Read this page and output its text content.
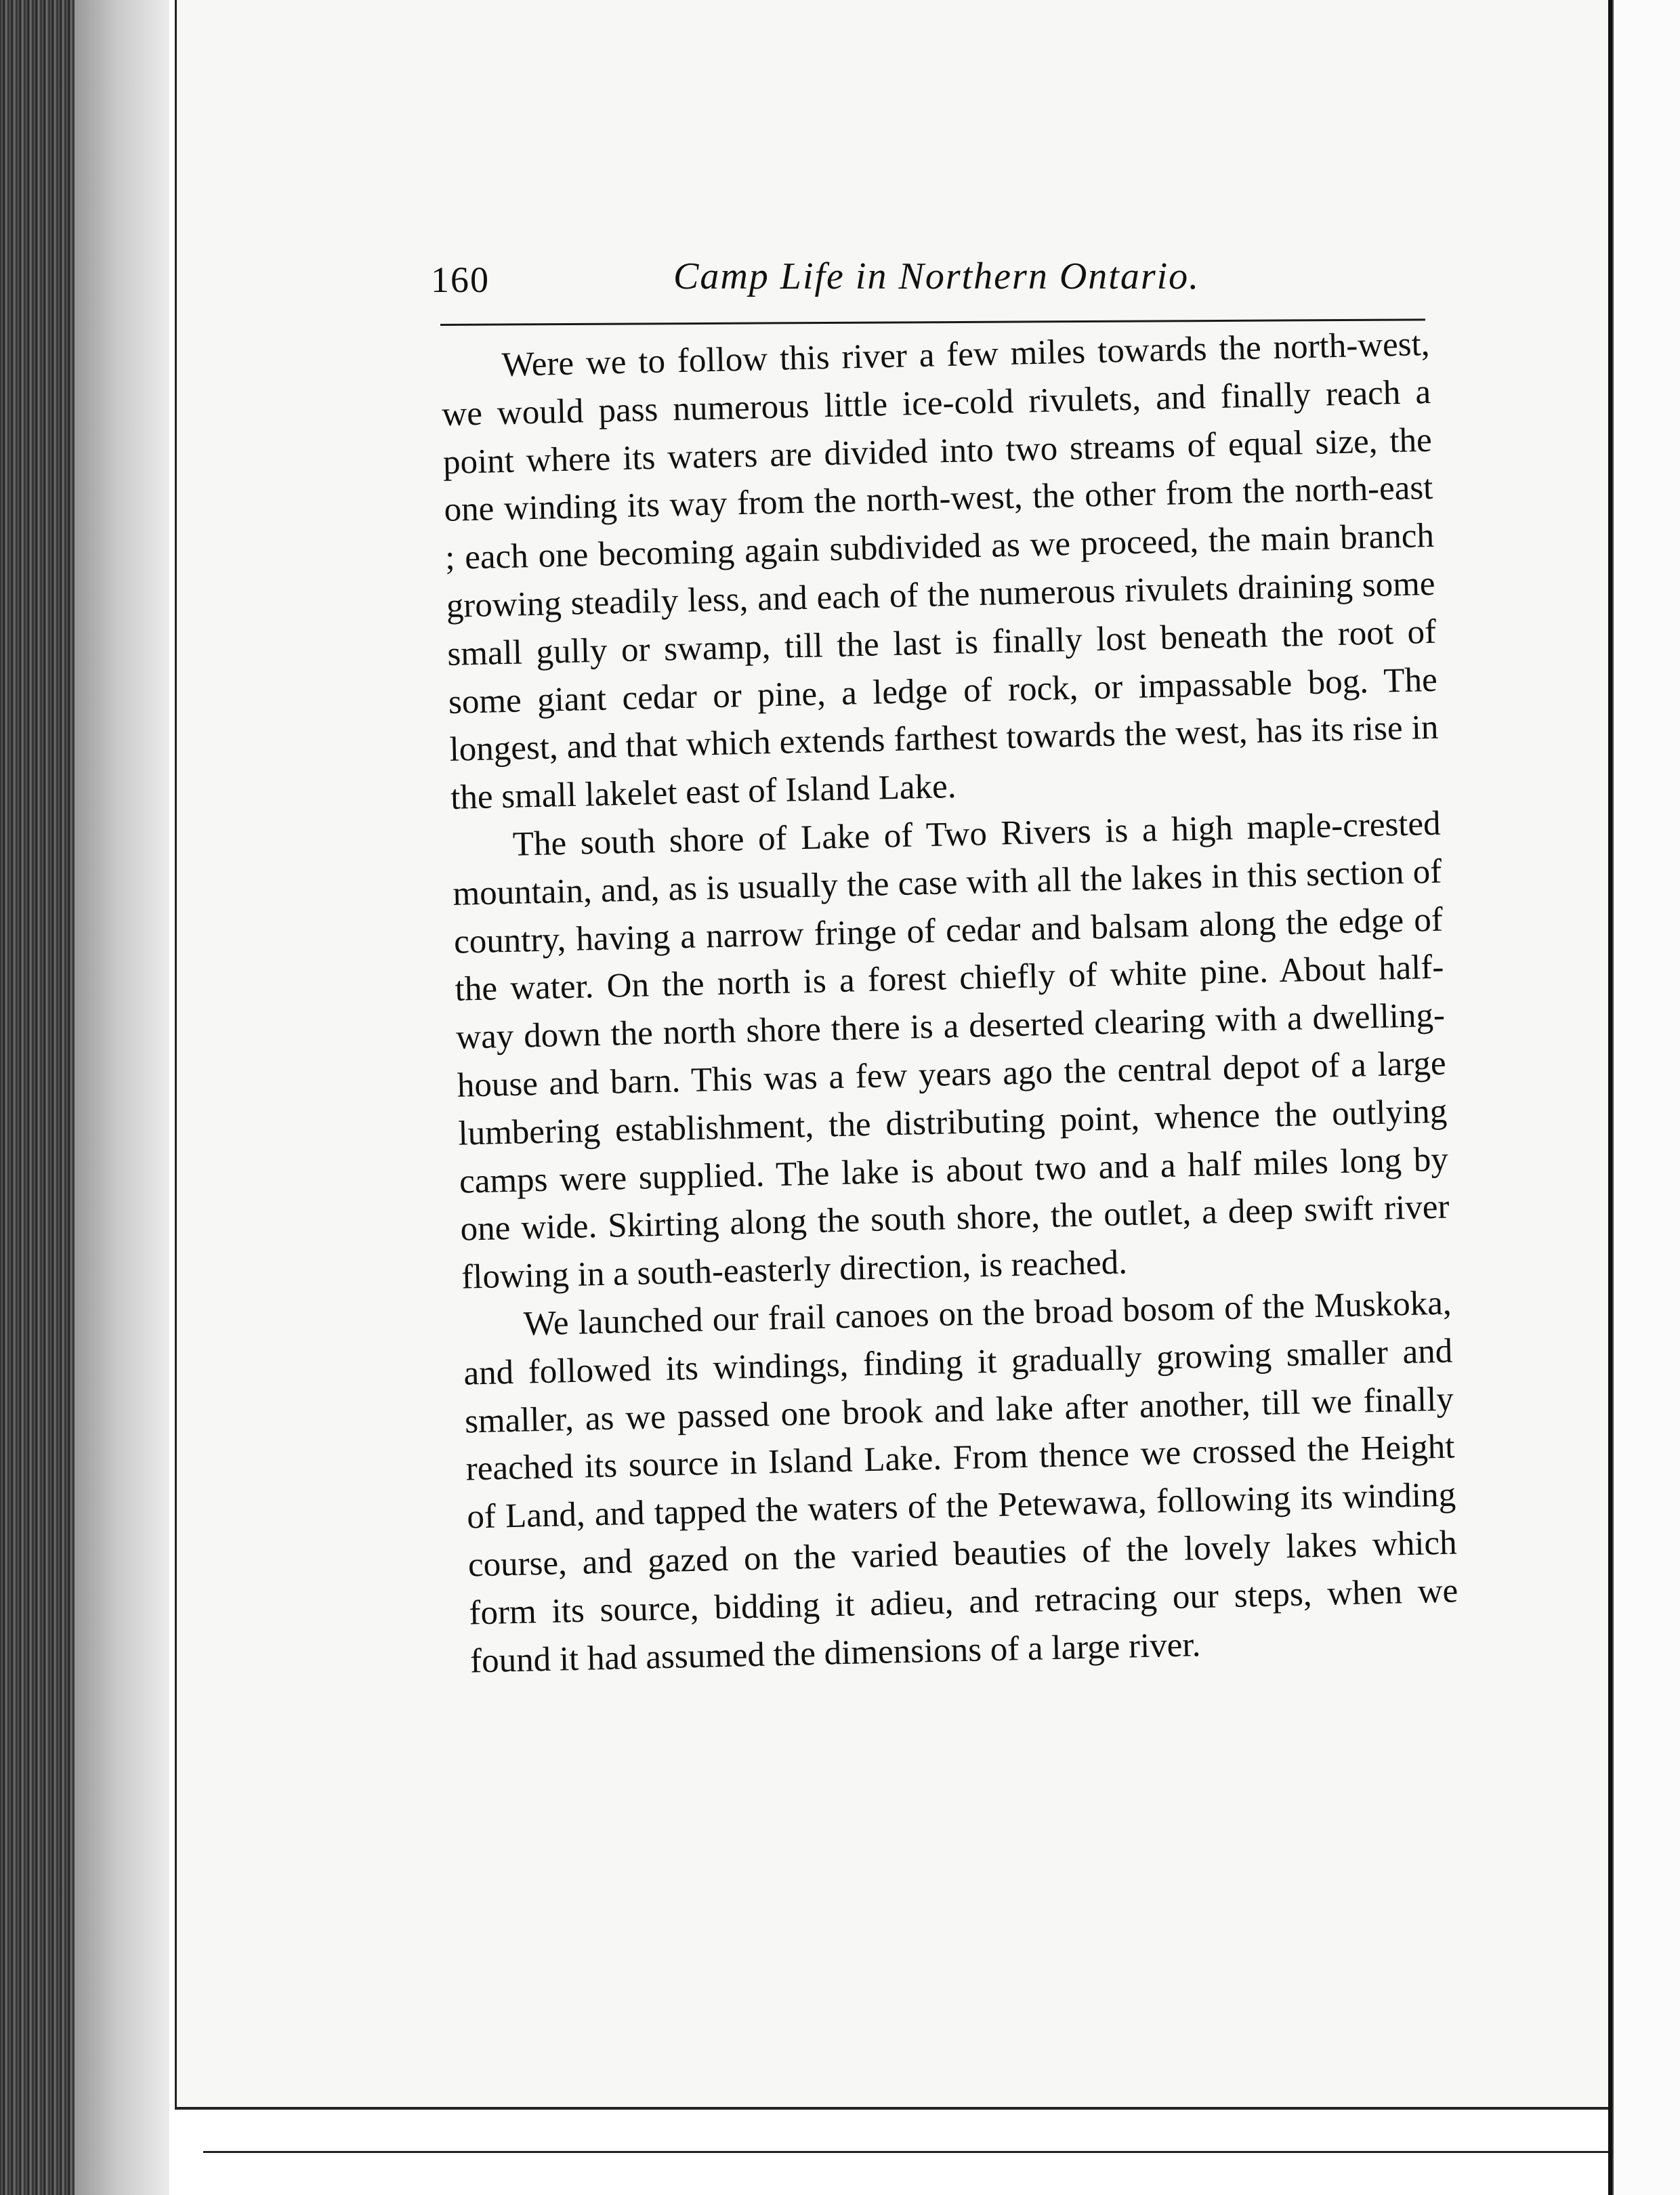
160	Camp Life in Northern Ontario.

Were we to follow this river a few miles towards the north-west, we would pass numerous little ice-cold rivulets, and finally reach a point where its waters are divided into two streams of equal size, the one winding its way from the north-west, the other from the north-east ; each one becoming again subdivided as we proceed, the main branch growing steadily less, and each of the numerous rivulets draining some small gully or swamp, till the last is finally lost beneath the root of some giant cedar or pine, a ledge of rock, or impassable bog. The longest, and that which extends farthest towards the west, has its rise in the small lakelet east of Island Lake.

The south shore of Lake of Two Rivers is a high maple-crested mountain, and, as is usually the case with all the lakes in this section of country, having a narrow fringe of cedar and balsam along the edge of the water. On the north is a forest chiefly of white pine. About half-way down the north shore there is a deserted clearing with a dwelling-house and barn. This was a few years ago the central depot of a large lumbering establishment, the distributing point, whence the outlying camps were supplied. The lake is about two and a half miles long by one wide. Skirting along the south shore, the outlet, a deep swift river flowing in a south-easterly direction, is reached.

We launched our frail canoes on the broad bosom of the Muskoka, and followed its windings, finding it gradually growing smaller and smaller, as we passed one brook and lake after another, till we finally reached its source in Island Lake. From thence we crossed the Height of Land, and tapped the waters of the Petewawa, following its winding course, and gazed on the varied beauties of the lovely lakes which form its source, bidding it adieu, and retracing our steps, when we found it had assumed the dimensions of a large river.
